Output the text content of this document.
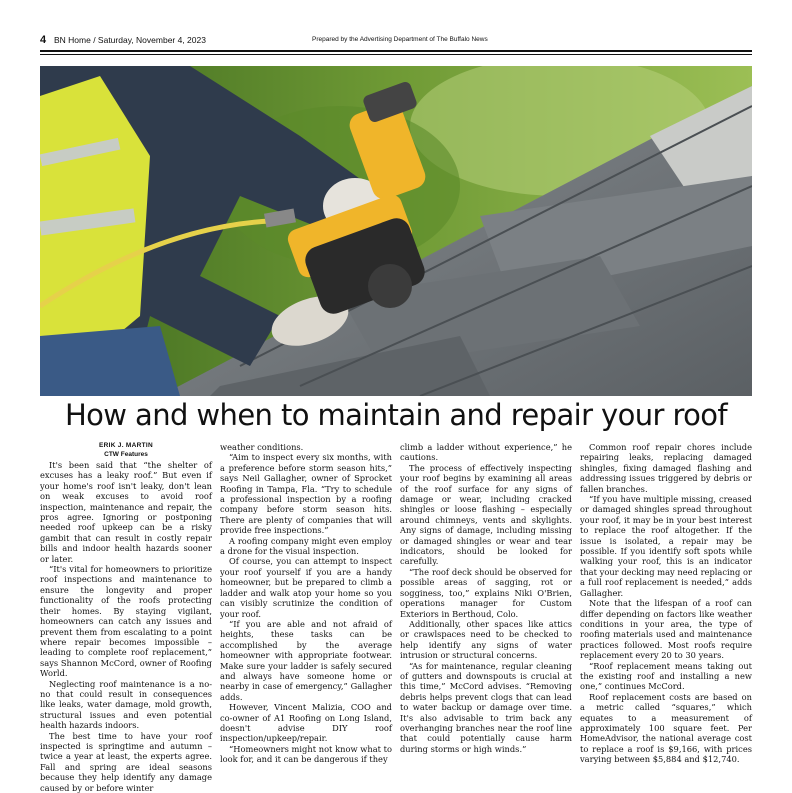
4 BN Home / Saturday, November 4, 2023	Prepared by the Advertising Department of The Buffalo News
How and when to maintain and repair your roof
ERIK J. MARTIN
CTW Features

It's been said that “the shelter of excuses has a leaky roof.” But even if your home's roof isn't leaky, don't lean on weak excuses to avoid roof inspection, maintenance and repair, the pros agree. Ignoring or postponing needed roof upkeep can be a risky gambit that can result in costly repair bills and indoor health hazards sooner or later.

“It's vital for homeowners to prioritize roof inspections and maintenance to ensure the longevity and proper functionality of the roofs protecting their homes. By staying vigilant, homeowners can catch any issues and prevent them from escalating to a point where repair becomes impossible – leading to complete roof replacement,” says Shannon McCord, owner of Roofing World.

Neglecting roof maintenance is a no-no that could result in consequences like leaks, water damage, mold growth, structural issues and even potential health hazards indoors.

The best time to have your roof inspected is springtime and autumn – twice a year at least, the experts agree. Fall and spring are ideal seasons because they help identify any damage caused by or before winter

weather conditions.

“Aim to inspect every six months, with a preference before storm season hits,” says Neil Gallagher, owner of Sprocket Roofing in Tampa, Fla. “Try to schedule a professional inspection by a roofing company before storm season hits. There are plenty of companies that will provide free inspections.”

A roofing company might even employ a drone for the visual inspection.

Of course, you can attempt to inspect your roof yourself if you are a handy homeowner, but be prepared to climb a ladder and walk atop your home so you can visibly scrutinize the condition of your roof.

“If you are able and not afraid of heights, these tasks can be accomplished by the average homeowner with appropriate footwear. Make sure your ladder is safely secured and always have someone home or nearby in case of emergency,” Gallagher adds.

However, Vincent Malizia, COO and co-owner of A1 Roofing on Long Island, doesn't advise DIY roof inspection/upkeep/repair.

“Homeowners might not know what to look for, and it can be dangerous if they

climb a ladder without experience,” he cautions.

The process of effectively inspecting your roof begins by examining all areas of the roof surface for any signs of damage or wear, including cracked shingles or loose flashing – especially around chimneys, vents and skylights. Any signs of damage, including missing or damaged shingles or wear and tear indicators, should be looked for carefully.

“The roof deck should be observed for possible areas of sagging, rot or sogginess, too,” explains Niki O'Brien, operations manager for Custom Exteriors in Berthoud, Colo.

Additionally, other spaces like attics or crawlspaces need to be checked to help identify any signs of water intrusion or structural concerns.

“As for maintenance, regular cleaning of gutters and downspouts is crucial at this time,” McCord advises. “Removing debris helps prevent clogs that can lead to water backup or damage over time. It's also advisable to trim back any overhanging branches near the roof line that could potentially cause harm during storms or high winds.”

Common roof repair chores include repairing leaks, replacing damaged shingles, fixing damaged flashing and addressing issues triggered by debris or fallen branches.

“If you have multiple missing, creased or damaged shingles spread throughout your roof, it may be in your best interest to replace the roof altogether. If the issue is isolated, a repair may be possible. If you identify soft spots while walking your roof, this is an indicator that your decking may need replacing or a full roof replacement is needed,” adds Gallagher.

Note that the lifespan of a roof can differ depending on factors like weather conditions in your area, the type of roofing materials used and maintenance practices followed. Most roofs require replacement every 20 to 30 years.

“Roof replacement means taking out the existing roof and installing a new one,” continues McCord.

Roof replacement costs are based on a metric called “squares,” which equates to a measurement of approximately 100 square feet. Per HomeAdvisor, the national average cost to replace a roof is $9,166, with prices varying between $5,884 and $12,740.
